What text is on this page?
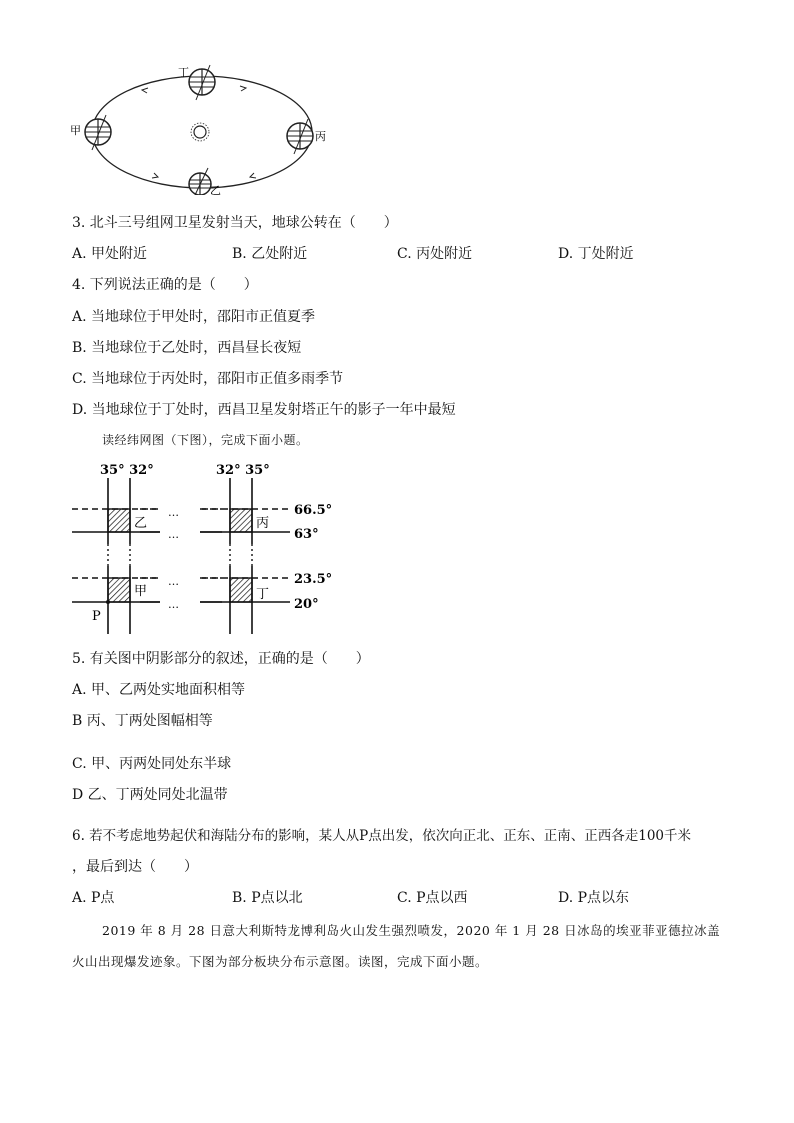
丁
甲	丙
乙
3. 北斗三号组网卫星发射当天，地球公转在（　　）
A. 甲处附近	B. 乙处附近	C. 丙处附近	D. 丁处附近
4. 下列说法正确的是（　　）
A. 当地球位于甲处时，邵阳市正值夏季
B. 当地球位于乙处时，西昌昼长夜短
C. 当地球位于丙处时，邵阳市正值多雨季节
D. 当地球位于丁处时，西昌卫星发射塔正午的影子一年中最短
读经纬网图（下图），完成下面小题。
35° 32°	32° 35°
…
…
…
…
乙	丙
甲	丁
66.5°
63°
23.5°
20°
P
5. 有关图中阴影部分的叙述，正确的是（　　）
A. 甲、乙两处实地面积相等
B 丙、丁两处图幅相等
C. 甲、丙两处同处东半球
D 乙、丁两处同处北温带
6. 若不考虑地势起伏和海陆分布的影响，某人从P点出发，依次向正北、正东、正南、正西各走100千米
，最后到达（　　）
A. P点	B. P点以北	C. P点以西	D. P点以东
2019 年 8 月 28 日意大利斯特龙博利岛火山发生强烈喷发，2020 年 1 月 28 日冰岛的埃亚菲亚德拉冰盖
火山出现爆发迹象。下图为部分板块分布示意图。读图，完成下面小题。
